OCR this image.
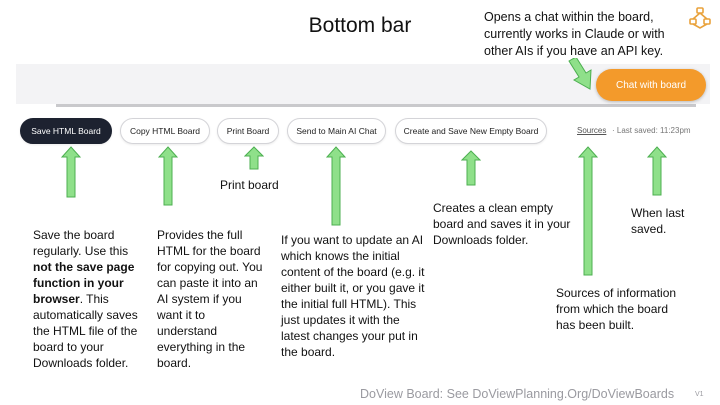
Bottom bar	Opens a chat within the board, currently works in Claude or with other AIs if you have an API key.
Chat with board
Save HTML Board	Copy HTML Board	Print Board	Send to Main AI Chat	Create and Save New Empty Board	Sources · Last saved: 11:23pm
Save the board regularly. Use this not the save page function in your browser. This automatically saves the HTML file of the board to your Downloads folder.
Provides the full HTML for the board for copying out. You can paste it into an AI system if you want it to understand everything in the board.
Print board
If you want to update an AI which knows the initial content of the board (e.g. it either built it, or you gave it the initial full HTML). This just updates it with the latest changes your put in the board.
Creates a clean empty board and saves it in your Downloads folder.
Sources of information from which the board has been built.
When last saved.
DoView Board: See DoViewPlanning.Org/DoViewBoards	V1
